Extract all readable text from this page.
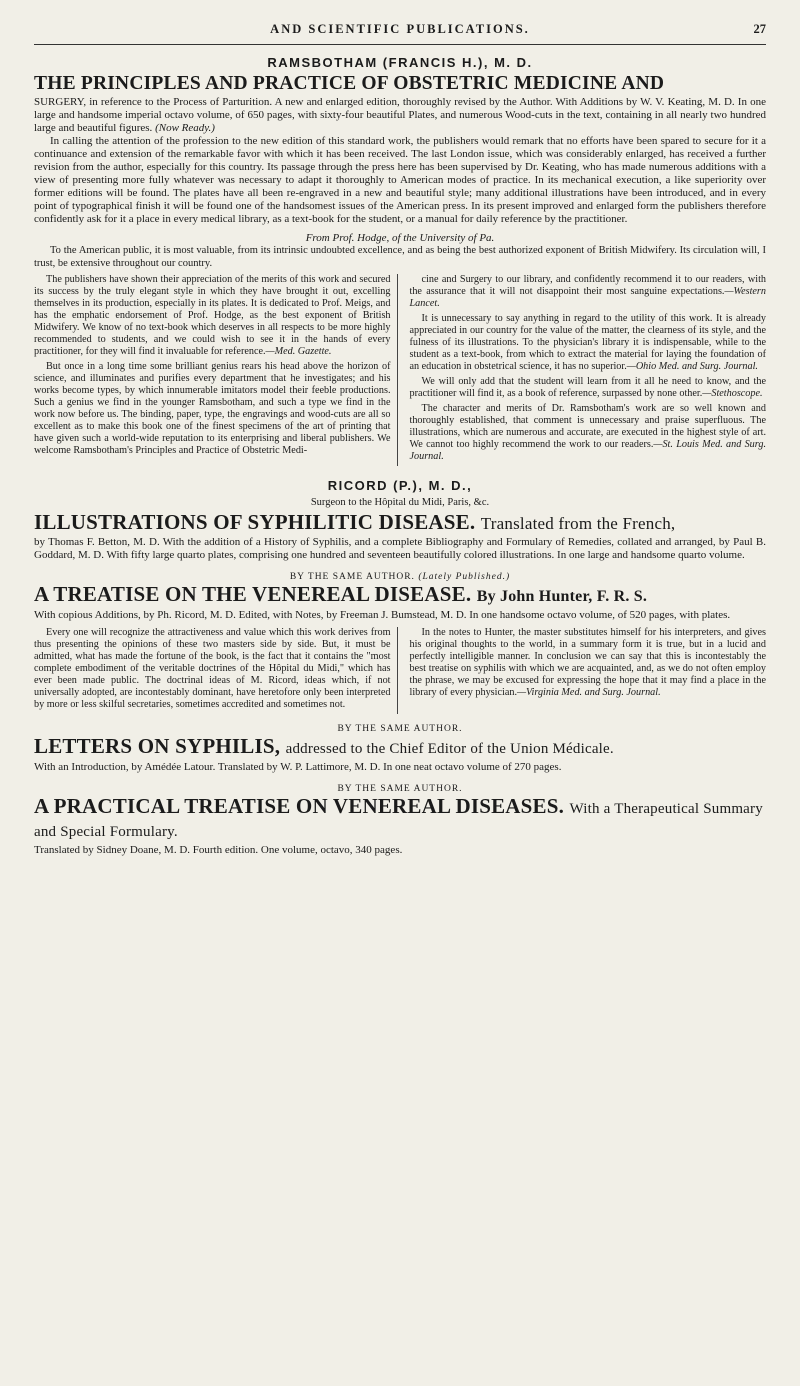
AND SCIENTIFIC PUBLICATIONS.	27
RAMSBOTHAM (FRANCIS H.), M. D.
THE PRINCIPLES AND PRACTICE OF OBSTETRIC MEDICINE AND

SURGERY, in reference to the Process of Parturition. A new and enlarged edition, thoroughly revised by the Author. With Additions by W. V. Keating, M. D. In one large and handsome imperial octavo volume, of 650 pages, with sixty-four beautiful Plates, and numerous Wood-cuts in the text, containing in all nearly two hundred large and beautiful figures. (Now Ready.)

In calling the attention of the profession to the new edition of this standard work, the publishers would remark that no efforts have been spared to secure for it a continuance and extension of the remarkable favor with which it has been received. The last London issue, which was considerably enlarged, has received a further revision from the author, especially for this country. Its passage through the press here has been supervised by Dr. Keating, who has made numerous additions with a view of presenting more fully whatever was necessary to adapt it thoroughly to American modes of practice. In its mechanical execution, a like superiority over former editions will be found. The plates have all been re-engraved in a new and beautiful style; many additional illustrations have been introduced, and in every point of typographical finish it will be found one of the handsomest issues of the American press. In its present improved and enlarged form the publishers therefore confidently ask for it a place in every medical library, as a text-book for the student, or a manual for daily reference by the practitioner.

From Prof. Hodge, of the University of Pa.
To the American public, it is most valuable, from its intrinsic undoubted excellence, and as being the best authorized exponent of British Midwifery. Its circulation will, I trust, be extensive throughout our country.

The publishers have shown their appreciation of the merits of this work and secured its success by the truly elegant style in which they have brought it out, excelling themselves in its production, especially in its plates. It is dedicated to Prof. Meigs, and has the emphatic endorsement of Prof. Hodge, as the best exponent of British Midwifery. We know of no text-book which deserves in all respects to be more highly recommended to students, and we could wish to see it in the hands of every practitioner, for they will find it invaluable for reference.—Med. Gazette.

But once in a long time some brilliant genius rears his head above the horizon of science, and illuminates and purifies every department that he investigates; and his works become types, by which innumerable imitators model their feeble productions. Such a genius we find in the younger Ramsbotham, and such a type we find in the work now before us. The binding, paper, type, the engravings and wood-cuts are all so excellent as to make this book one of the finest specimens of the art of printing that have given such a world-wide reputation to its enterprising and liberal publishers. We welcome Ramsbotham's Principles and Practice of Obstetric Medi-

cine and Surgery to our library, and confidently recommend it to our readers, with the assurance that it will not disappoint their most sanguine expectations.—Western Lancet.

It is unnecessary to say anything in regard to the utility of this work. It is already appreciated in our country for the value of the matter, the clearness of its style, and the fulness of its illustrations. To the physician's library it is indispensable, while to the student as a text-book, from which to extract the material for laying the foundation of an education in obstetrical science, it has no superior.—Ohio Med. and Surg. Journal.

We will only add that the student will learn from it all he need to know, and the practitioner will find it, as a book of reference, surpassed by none other.—Stethoscope.

The character and merits of Dr. Ramsbotham's work are so well known and thoroughly established, that comment is unnecessary and praise superfluous. The illustrations, which are numerous and accurate, are executed in the highest style of art. We cannot too highly recommend the work to our readers.—St. Louis Med. and Surg. Journal.

RICORD (P.), M. D.,
Surgeon to the Hôpital du Midi, Paris, &c.
ILLUSTRATIONS OF SYPHILITIC DISEASE. Translated from the French,

by Thomas F. Betton, M. D. With the addition of a History of Syphilis, and a complete Bibliography and Formulary of Remedies, collated and arranged, by Paul B. Goddard, M. D. With fifty large quarto plates, comprising one hundred and seventeen beautifully colored illustrations. In one large and handsome quarto volume.

BY THE SAME AUTHOR. (Lately Published.)
A TREATISE ON THE VENEREAL DISEASE. By John Hunter, F. R. S.

With copious Additions, by Ph. Ricord, M. D. Edited, with Notes, by Freeman J. Bumstead, M. D. In one handsome octavo volume, of 520 pages, with plates.

Every one will recognize the attractiveness and value which this work derives from thus presenting the opinions of these two masters side by side. But, it must be admitted, what has made the fortune of the book, is the fact that it contains the "most complete embodiment of the veritable doctrines of the Hôpital du Midi," which has ever been made public. The doctrinal ideas of M. Ricord, ideas which, if not universally adopted, are incontestably dominant, have heretofore only been interpreted by more or less skilful secretaries, sometimes accredited and sometimes not.

In the notes to Hunter, the master substitutes himself for his interpreters, and gives his original thoughts to the world, in a summary form it is true, but in a lucid and perfectly intelligible manner. In conclusion we can say that this is incontestably the best treatise on syphilis with which we are acquainted, and, as we do not often employ the phrase, we may be excused for expressing the hope that it may find a place in the library of every physician.—Virginia Med. and Surg. Journal.

BY THE SAME AUTHOR.
LETTERS ON SYPHILIS, addressed to the Chief Editor of the Union Médicale.

With an Introduction, by Amédée Latour. Translated by W. P. Lattimore, M. D. In one neat octavo volume of 270 pages.

BY THE SAME AUTHOR.
A PRACTICAL TREATISE ON VENEREAL DISEASES. With a Therapeutical Summary and Special Formulary.

Translated by Sidney Doane, M. D. Fourth edition. One volume, octavo, 340 pages.
